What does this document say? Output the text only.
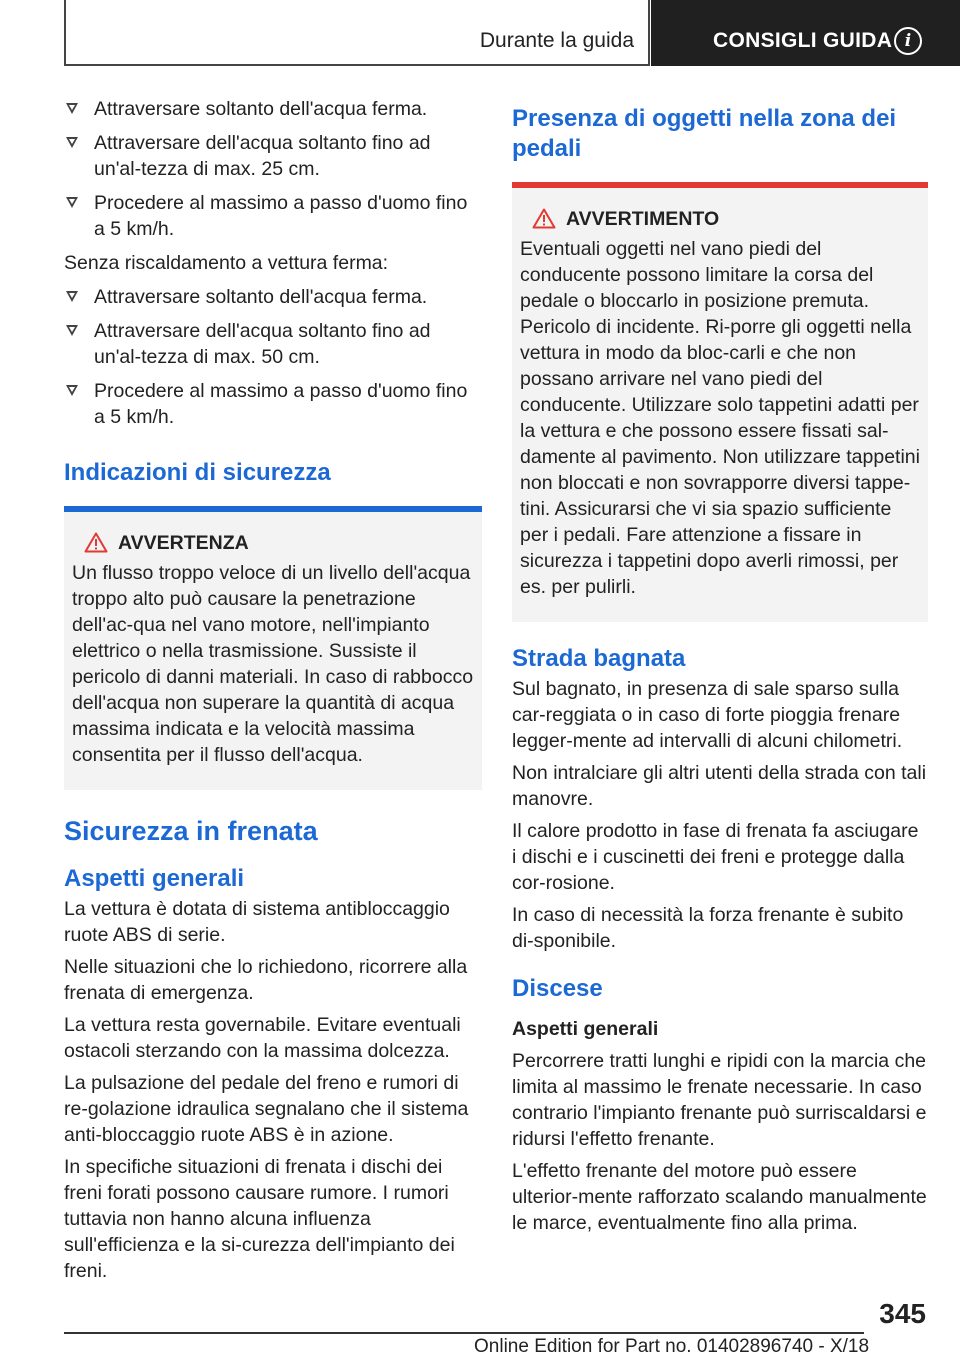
Durante la guida	CONSIGLI GUIDA i
Attraversare soltanto dell'acqua ferma.
Attraversare dell'acqua soltanto fino ad un'al-tezza di max. 25 cm.
Procedere al massimo a passo d'uomo fino a 5 km/h.

Senza riscaldamento a vettura ferma:

Attraversare soltanto dell'acqua ferma.
Attraversare dell'acqua soltanto fino ad un'al-tezza di max. 50 cm.
Procedere al massimo a passo d'uomo fino a 5 km/h.
Indicazioni di sicurezza
AVVERTENZA
Un flusso troppo veloce di un livello dell'acqua troppo alto può causare la penetrazione dell'ac-qua nel vano motore, nell'impianto elettrico o nella trasmissione. Sussiste il pericolo di danni materiali. In caso di rabbocco dell'acqua non superare la quantità di acqua massima indicata e la velocità massima consentita per il flusso dell'acqua.
Sicurezza in frenata
Aspetti generali

La vettura è dotata di sistema antibloccaggio ruote ABS di serie.

Nelle situazioni che lo richiedono, ricorrere alla frenata di emergenza.

La vettura resta governabile. Evitare eventuali ostacoli sterzando con la massima dolcezza.

La pulsazione del pedale del freno e rumori di re-golazione idraulica segnalano che il sistema anti-bloccaggio ruote ABS è in azione.

In specifiche situazioni di frenata i dischi dei freni forati possono causare rumore. I rumori tuttavia non hanno alcuna influenza sull'efficienza e la si-curezza dell'impianto dei freni.

Presenza di oggetti nella zona dei pedali
AVVERTIMENTO
Eventuali oggetti nel vano piedi del conducente possono limitare la corsa del pedale o bloccarlo in posizione premuta. Pericolo di incidente. Ri-porre gli oggetti nella vettura in modo da bloc-carli e che non possano arrivare nel vano piedi del conducente. Utilizzare solo tappetini adatti per la vettura e che possono essere fissati sal-damente al pavimento. Non utilizzare tappetini non bloccati e non sovrapporre diversi tappe-tini. Assicurarsi che vi sia spazio sufficiente per i pedali. Fare attenzione a fissare in sicurezza i tappetini dopo averli rimossi, per es. per pulirli.
Strada bagnata

Sul bagnato, in presenza di sale sparso sulla car-reggiata o in caso di forte pioggia frenare legger-mente ad intervalli di alcuni chilometri.

Non intralciare gli altri utenti della strada con tali manovre.

Il calore prodotto in fase di frenata fa asciugare i dischi e i cuscinetti dei freni e protegge dalla cor-rosione.

In caso di necessità la forza frenante è subito di-sponibile.

Discese
Aspetti generali

Percorrere tratti lunghi e ripidi con la marcia che limita al massimo le frenate necessarie. In caso contrario l'impianto frenante può surriscaldarsi e ridursi l'effetto frenante.

L'effetto frenante del motore può essere ulterior-mente rafforzato scalando manualmente le marce, eventualmente fino alla prima.

345
Online Edition for Part no. 01402896740 - X/18
